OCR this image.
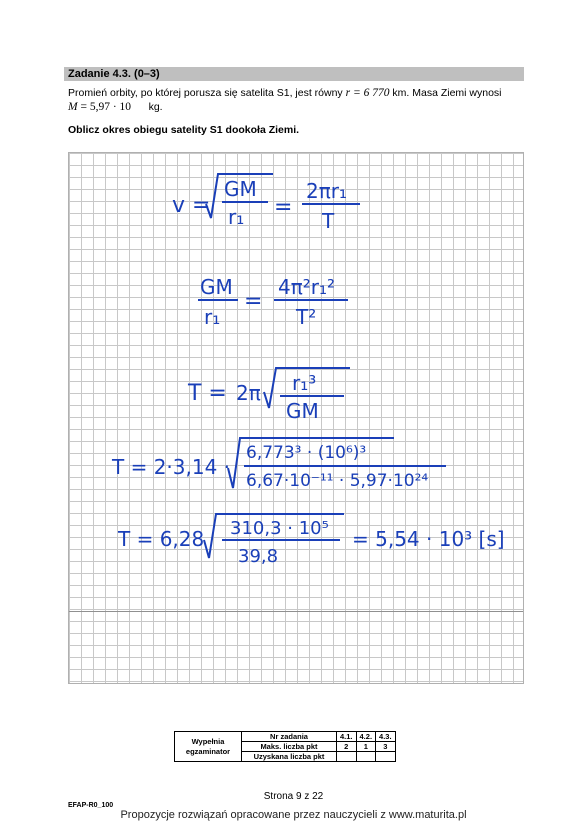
Zadanie 4.3. (0–3)
Promień orbity, po której porusza się satelita S1, jest równy r = 6 770 km. Masa Ziemi wynosi
M = 5,97 · 10 kg.
Oblicz okres obiegu satelity S1 dookoła Ziemi.
v =
GM
r₁ =
2πr₁
T
GM
r₁
=
4π²r₁²
T²
T = 2π r₁³
GM
T = 2·3,14 ·
6,773³ · (10⁶)³
6,67·10⁻¹¹ · 5,97·10²⁴
T = 6,28 310,3 · 10⁵
39,8
= 5,54 · 10³ [s]
Wypełnia
egzaminator	Nr zadania	4.1.	4.2.	4.3.
	Maks. liczba pkt	2	1	3
	Uzyskana liczba pkt			
Strona 9 z 22
EFAP-R0_100
Propozycje rozwiązań opracowane przez nauczycieli z www.maturita.pl
